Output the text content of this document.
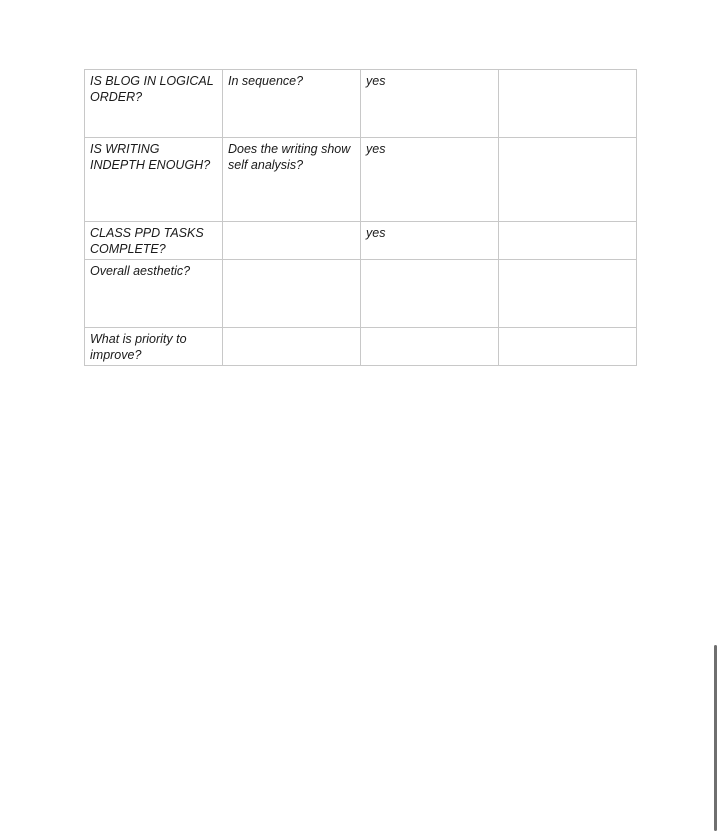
IS BLOG IN LOGICAL ORDER?	In sequence?	yes	
IS WRITING INDEPTH ENOUGH?	Does the writing show self analysis?	yes	
CLASS PPD TASKS COMPLETE?		yes	
Overall aesthetic?			
What is priority to improve?			
